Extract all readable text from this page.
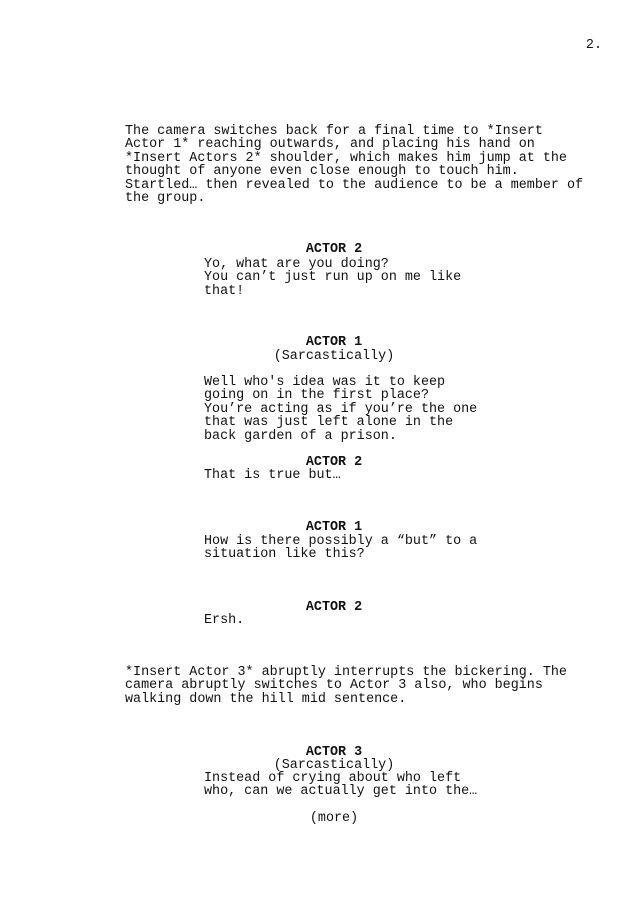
2.
The camera switches back for a final time to *Insert
Actor 1* reaching outwards, and placing his hand on
*Insert Actors 2* shoulder, which makes him jump at the
thought of anyone even close enough to touch him.
Startled… then revealed to the audience to be a member of
the group.
ACTOR 2
Yo, what are you doing?
You can’t just run up on me like
that!
ACTOR 1
(Sarcastically)
Well who's idea was it to keep
going on in the first place?
You’re acting as if you’re the one
that was just left alone in the
back garden of a prison.
ACTOR 2
That is true but…
ACTOR 1
How is there possibly a “but” to a
situation like this?
ACTOR 2
Ersh.
*Insert Actor 3* abruptly interrupts the bickering. The
camera abruptly switches to Actor 3 also, who begins
walking down the hill mid sentence.
ACTOR 3
(Sarcastically)
Instead of crying about who left
who, can we actually get into the…
(more)
